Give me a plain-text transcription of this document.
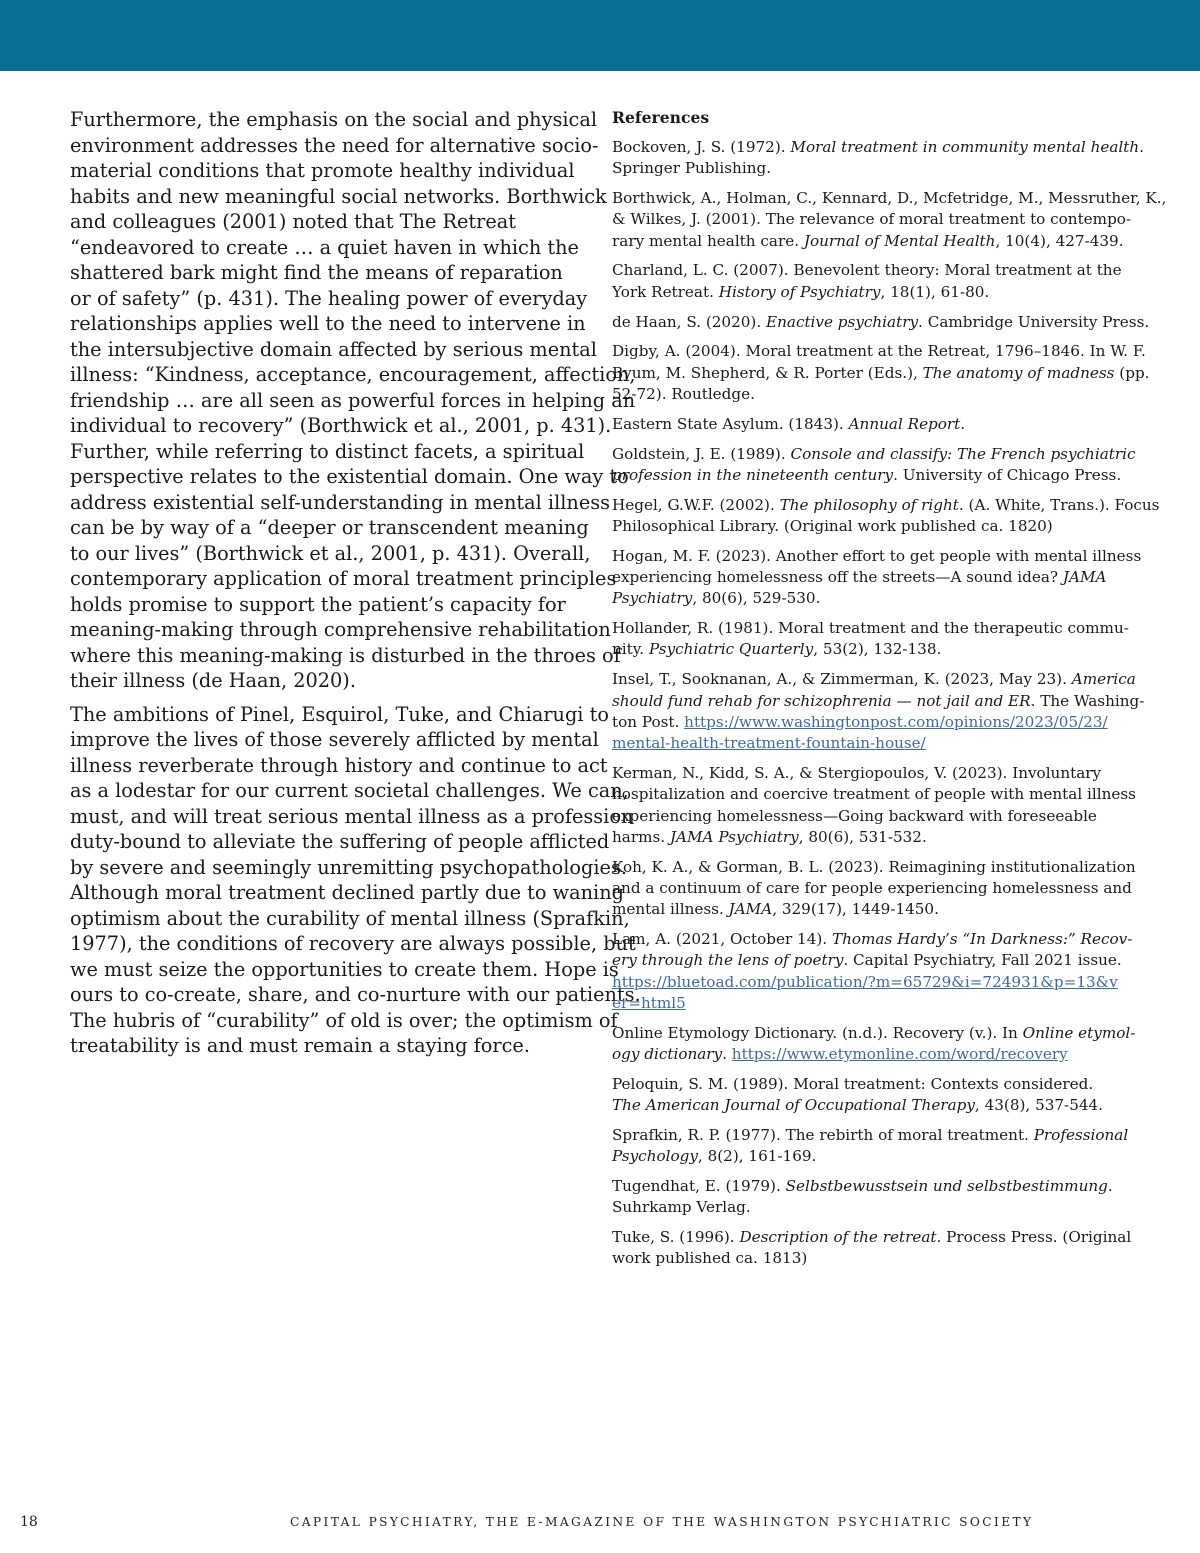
Furthermore, the emphasis on the social and physical
environment addresses the need for alternative socio-
material conditions that promote healthy individual
habits and new meaningful social networks. Borthwick
and colleagues (2001) noted that The Retreat
“endeavored to create … a quiet haven in which the
shattered bark might find the means of reparation
or of safety” (p. 431). The healing power of everyday
relationships applies well to the need to intervene in
the intersubjective domain affected by serious mental
illness: “Kindness, acceptance, encouragement, affection,
friendship … are all seen as powerful forces in helping an
individual to recovery” (Borthwick et al., 2001, p. 431).
Further, while referring to distinct facets, a spiritual
perspective relates to the existential domain. One way to
address existential self-understanding in mental illness
can be by way of a “deeper or transcendent meaning
to our lives” (Borthwick et al., 2001, p. 431). Overall,
contemporary application of moral treatment principles
holds promise to support the patient’s capacity for
meaning-making through comprehensive rehabilitation
where this meaning-making is disturbed in the throes of
their illness (de Haan, 2020).

The ambitions of Pinel, Esquirol, Tuke, and Chiarugi to
improve the lives of those severely afflicted by mental
illness reverberate through history and continue to act
as a lodestar for our current societal challenges. We can,
must, and will treat serious mental illness as a profession
duty-bound to alleviate the suffering of people afflicted
by severe and seemingly unremitting psychopathologies.
Although moral treatment declined partly due to waning
optimism about the curability of mental illness (Sprafkin,
1977), the conditions of recovery are always possible, but
we must seize the opportunities to create them. Hope is
ours to co-create, share, and co-nurture with our patients.
The hubris of “curability” of old is over; the optimism of
treatability is and must remain a staying force.

References
Bockoven, J. S. (1972). Moral treatment in community mental health.
Springer Publishing.
Borthwick, A., Holman, C., Kennard, D., Mcfetridge, M., Messruther, K.,
& Wilkes, J. (2001). The relevance of moral treatment to contempo-
rary mental health care. Journal of Mental Health, 10(4), 427-439.
Charland, L. C. (2007). Benevolent theory: Moral treatment at the
York Retreat. History of Psychiatry, 18(1), 61-80.
de Haan, S. (2020). Enactive psychiatry. Cambridge University Press.
Digby, A. (2004). Moral treatment at the Retreat, 1796–1846. In W. F.
Byum, M. Shepherd, & R. Porter (Eds.), The anatomy of madness (pp.
52-72). Routledge.
Eastern State Asylum. (1843). Annual Report.
Goldstein, J. E. (1989). Console and classify: The French psychiatric
profession in the nineteenth century. University of Chicago Press.
Hegel, G.W.F. (2002). The philosophy of right. (A. White, Trans.). Focus
Philosophical Library. (Original work published ca. 1820)
Hogan, M. F. (2023). Another effort to get people with mental illness
experiencing homelessness off the streets—A sound idea? JAMA
Psychiatry, 80(6), 529-530.
Hollander, R. (1981). Moral treatment and the therapeutic commu-
nity. Psychiatric Quarterly, 53(2), 132-138.
Insel, T., Sooknanan, A., & Zimmerman, K. (2023, May 23). America
should fund rehab for schizophrenia — not jail and ER. The Washing-
ton Post. https://www.washingtonpost.com/opinions/2023/05/23/
mental-health-treatment-fountain-house/
Kerman, N., Kidd, S. A., & Stergiopoulos, V. (2023). Involuntary
hospitalization and coercive treatment of people with mental illness
experiencing homelessness—Going backward with foreseeable
harms. JAMA Psychiatry, 80(6), 531-532.
Koh, K. A., & Gorman, B. L. (2023). Reimagining institutionalization
and a continuum of care for people experiencing homelessness and
mental illness. JAMA, 329(17), 1449-1450.
Lam, A. (2021, October 14). Thomas Hardy’s “In Darkness:” Recov-
ery through the lens of poetry. Capital Psychiatry, Fall 2021 issue.
https://bluetoad.com/publication/?m=65729&i=724931&p=13&v
er=html5
Online Etymology Dictionary. (n.d.). Recovery (v.). In Online etymol-
ogy dictionary. https://www.etymonline.com/word/recovery
Peloquin, S. M. (1989). Moral treatment: Contexts considered.
The American Journal of Occupational Therapy, 43(8), 537-544.
Sprafkin, R. P. (1977). The rebirth of moral treatment. Professional
Psychology, 8(2), 161-169.
Tugendhat, E. (1979). Selbstbewusstsein und selbstbestimmung.
Suhrkamp Verlag.
Tuke, S. (1996). Description of the retreat. Process Press. (Original
work published ca. 1813)
18	CAPITAL PSYCHIATRY, THE E-MAGAZINE OF THE WASHINGTON PSYCHIATRIC SOCIETY
